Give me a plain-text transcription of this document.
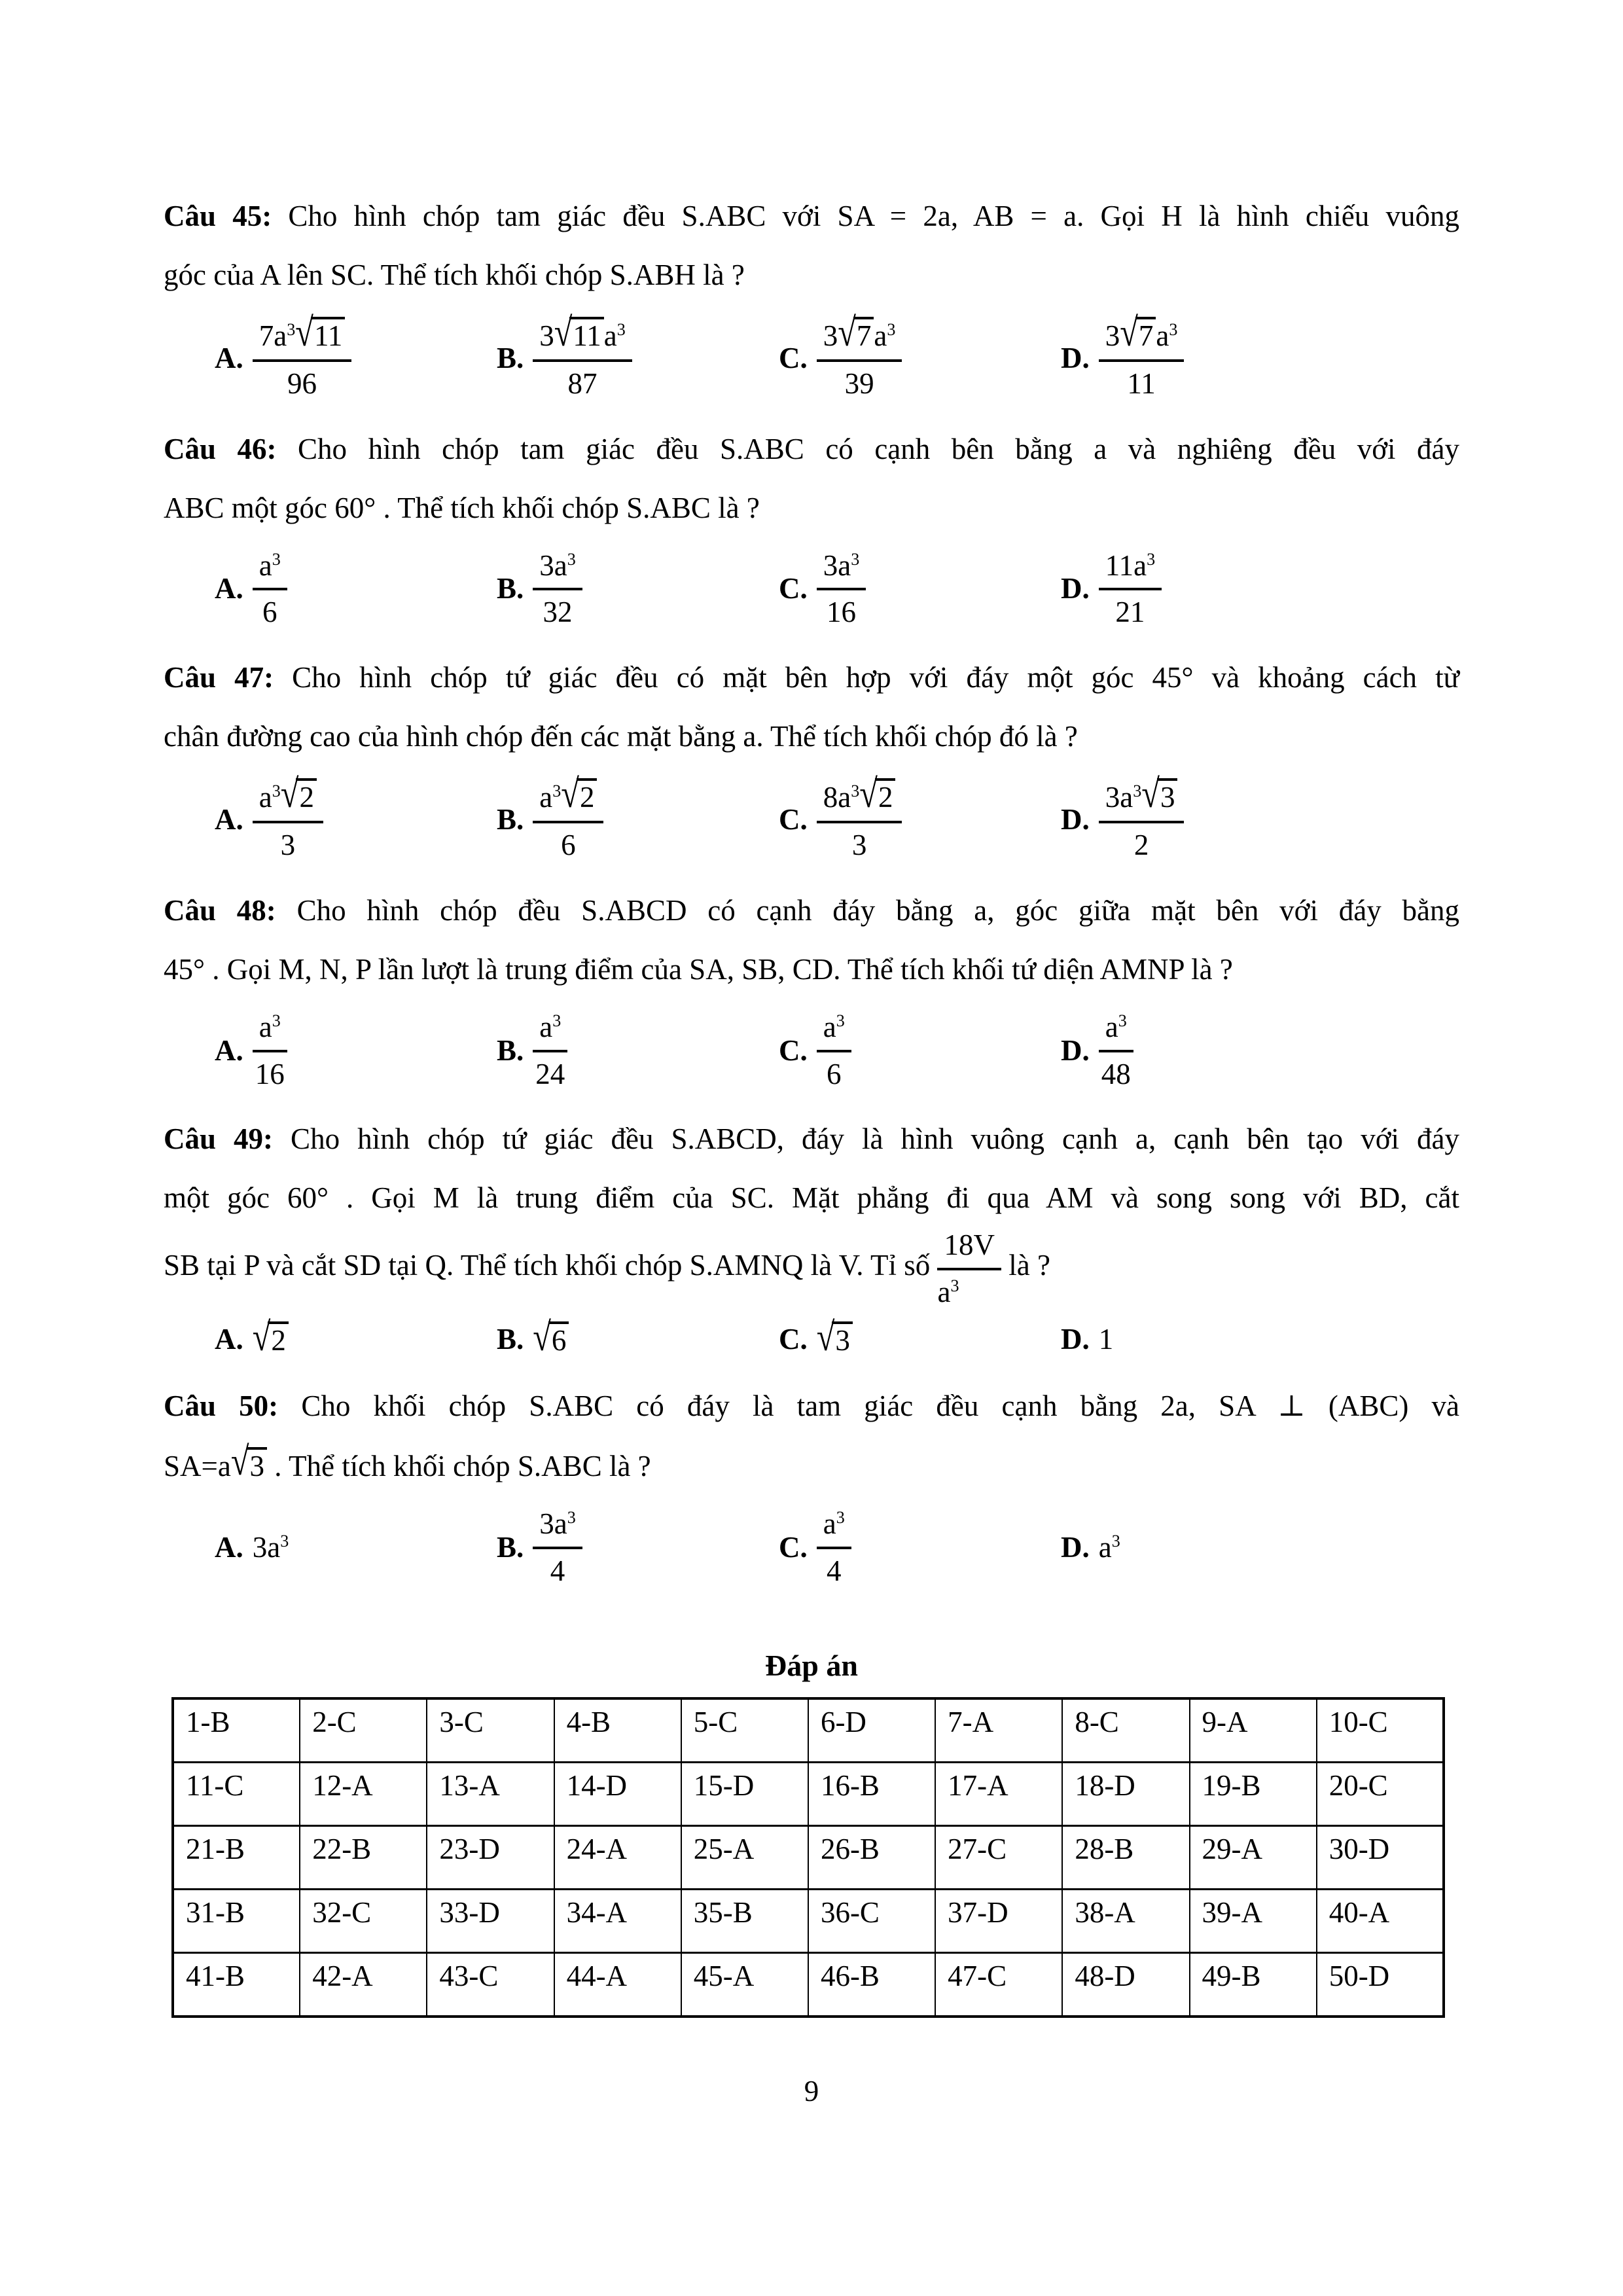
Câu 45: Cho hình chóp tam giác đều S.ABC với SA = 2a, AB = a. Gọi H là hình chiếu vuông
góc của A lên SC. Thể tích khối chóp S.ABH là ?
A. $\frac{7a^3√11}{96}$	B. $\frac{3√11a^3}{87}$	C. $\frac{3√7a^3}{39}$	D. $\frac{3√7a^3}{11}$
Câu 46: Cho hình chóp tam giác đều S.ABC có cạnh bên bằng a và nghiêng đều với đáy
ABC một góc 60° . Thể tích khối chóp S.ABC là ?
A. $\frac{a^3}{6}$	B. $\frac{3a^3}{32}$	C. $\frac{3a^3}{16}$	D. $\frac{11a^3}{21}$
Câu 47: Cho hình chóp tứ giác đều có mặt bên hợp với đáy một góc 45° và khoảng cách từ
chân đường cao của hình chóp đến các mặt bằng a. Thể tích khối chóp đó là ?
A. $\frac{a^3√2}{3}$	B. $\frac{a^3√2}{6}$	C. $\frac{8a^3√2}{3}$	D. $\frac{3a^3√3}{2}$
Câu 48: Cho hình chóp đều S.ABCD có cạnh đáy bằng a, góc giữa mặt bên với đáy bằng
45° . Gọi M, N, P lần lượt là trung điểm của SA, SB, CD. Thể tích khối tứ diện AMNP là ?
A. $\frac{a^3}{16}$	B. $\frac{a^3}{24}$	C. $\frac{a^3}{6}$	D. $\frac{a^3}{48}$
Câu 49: Cho hình chóp tứ giác đều S.ABCD, đáy là hình vuông cạnh a, cạnh bên tạo với đáy
một góc 60° . Gọi M là trung điểm của SC. Mặt phẳng đi qua AM và song song với BD, cắt
SB tại P và cắt SD tại Q. Thể tích khối chóp S.AMNQ là V. Tỉ số $\frac{18V}{a^3}$ là ?
A. √2	B. √6	C. √3	D. 1
Câu 50: Cho khối chóp S.ABC có đáy là tam giác đều cạnh bằng 2a, SA ⊥ (ABC) và
SA=a√3 . Thể tích khối chóp S.ABC là ?
A. $3a^3$	B. $\frac{3a^3}{4}$	C. $\frac{a^3}{4}$	D. $a^3$
Đáp án
1-B	2-C	3-C	4-B	5-C	6-D	7-A	8-C	9-A	10-C
11-C	12-A	13-A	14-D	15-D	16-B	17-A	18-D	19-B	20-C
21-B	22-B	23-D	24-A	25-A	26-B	27-C	28-B	29-A	30-D
31-B	32-C	33-D	34-A	35-B	36-C	37-D	38-A	39-A	40-A
41-B	42-A	43-C	44-A	45-A	46-B	47-C	48-D	49-B	50-D
9
